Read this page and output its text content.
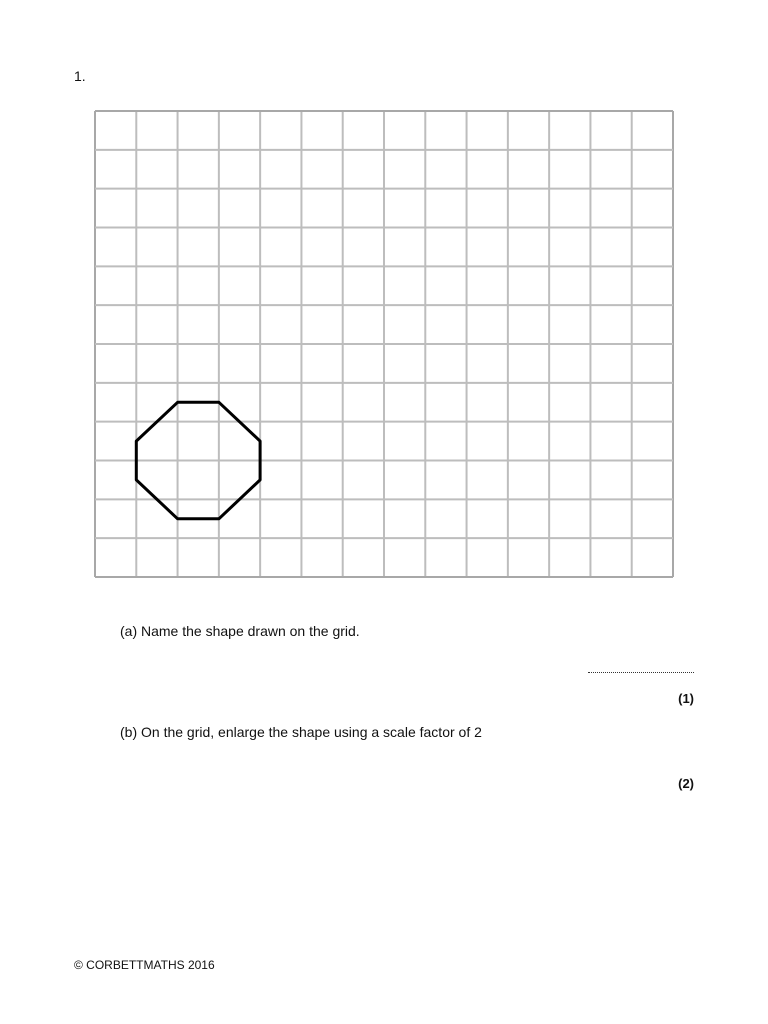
1.
(a) Name the shape drawn on the grid.
(1)
(b) On the grid, enlarge the shape using a scale factor of 2
(2)
© CORBETTMATHS 2016
